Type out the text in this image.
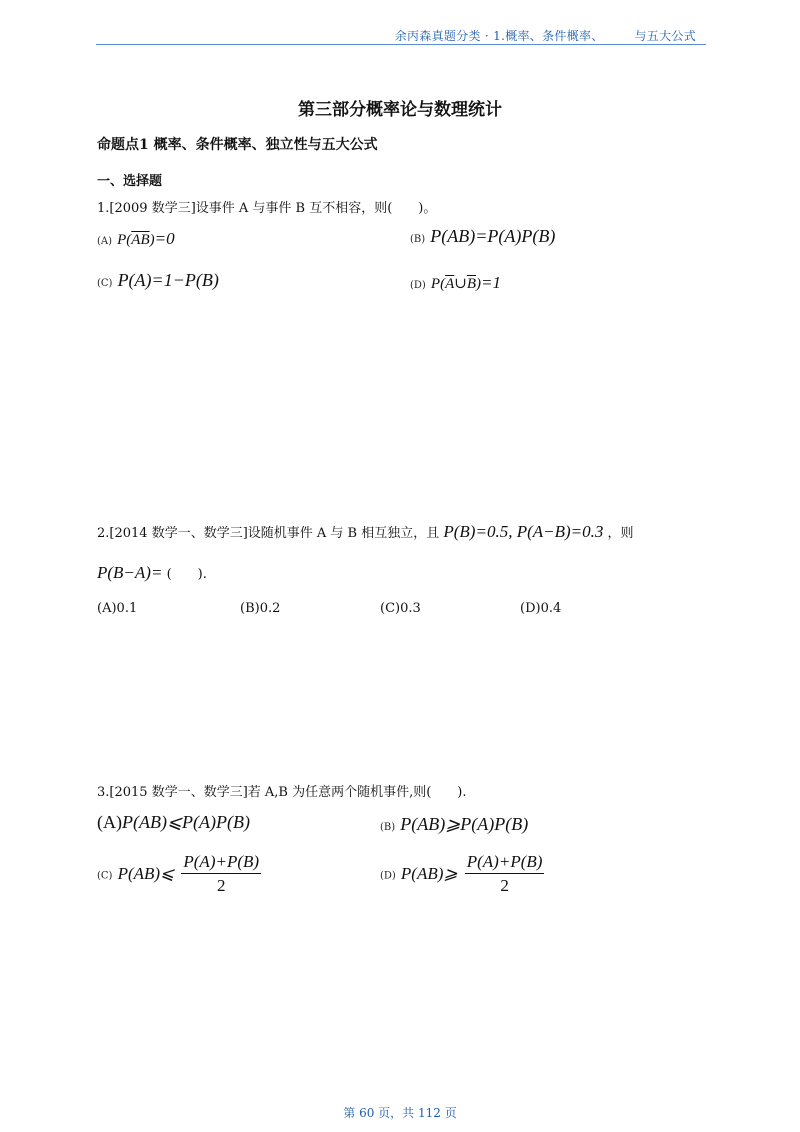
余丙森真题分类 · 1.概率、条件概率、　　　与五大公式
第三部分概率论与数理统计
命题点1 概率、条件概率、独立性与五大公式
一、选择题
1.[2009 数学三]设事件 A 与事件 B 互不相容，则(　　)。
(A) $P(\overline{AB})=0$	(B) P(AB)=P(A)P(B)
(C) P(A)=1−P(B)	(D) $P(\overline{A}\cup\overline{B})=1$
2.[2014 数学一、数学三]设随机事件 A 与 B 相互独立，且 P(B)=0.5, P(A−B)=0.3 ，则
P(B−A)= (　　).
(A)0.1	(B)0.2	(C)0.3	(D)0.4
3.[2015 数学一、数学三]若 A,B 为任意两个随机事件,则(　　).
(A)P(AB)⩽P(A)P(B)	(B) P(AB)⩾P(A)P(B)
(C) P(AB)⩽ $\frac{P(A)+P(B)}{2}$	(D) P(AB)⩾ $\frac{P(A)+P(B)}{2}$
第 60 页，共 112 页
